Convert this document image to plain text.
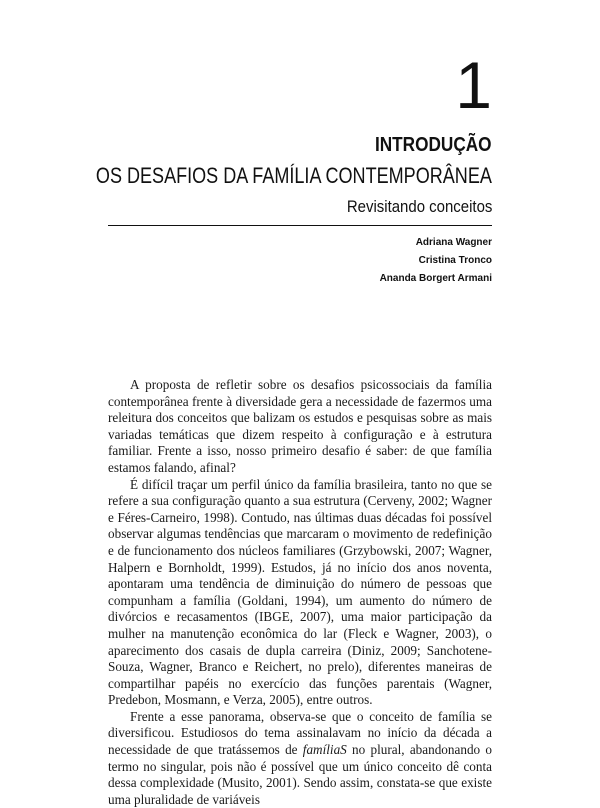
1
INTRODUÇÃO
OS DESAFIOS DA FAMÍLIA CONTEMPORÂNEA
Revisitando conceitos
Adriana Wagner
Cristina Tronco
Ananda Borgert Armani

A proposta de refletir sobre os desafios psicossociais da família contemporânea frente à diversidade gera a necessidade de fazermos uma releitura dos conceitos que balizam os estudos e pesquisas sobre as mais variadas temáticas que dizem respeito à configuração e à estrutura familiar. Frente a isso, nosso primeiro desafio é saber: de que família estamos falando, afinal?

É difícil traçar um perfil único da família brasileira, tanto no que se refere a sua configuração quanto a sua estrutura (Cerveny, 2002; Wagner e Féres-Carneiro, 1998). Contudo, nas últimas duas décadas foi possível observar algumas tendências que marcaram o movimento de redefinição e de funcionamento dos núcleos familiares (Grzybowski, 2007; Wagner, Halpern e Bornholdt, 1999). Estudos, já no início dos anos noventa, apontaram uma tendência de diminuição do número de pessoas que compunham a família (Goldani, 1994), um aumento do número de divórcios e recasamentos (IBGE, 2007), uma maior participação da mulher na manutenção econômica do lar (Fleck e Wagner, 2003), o aparecimento dos casais de dupla carreira (Diniz, 2009; Sanchotene-Souza, Wagner, Branco e Reichert, no prelo), diferentes maneiras de compartilhar papéis no exercício das funções parentais (Wagner, Predebon, Mosmann, e Verza, 2005), entre outros.

Frente a esse panorama, observa-se que o conceito de família se diversificou. Estudiosos do tema assinalavam no início da década a necessidade de que tratássemos de famíliaS no plural, abandonando o termo no singular, pois não é possível que um único conceito dê conta dessa complexidade (Musito, 2001). Sendo assim, constata-se que existe uma pluralidade de variáveis
